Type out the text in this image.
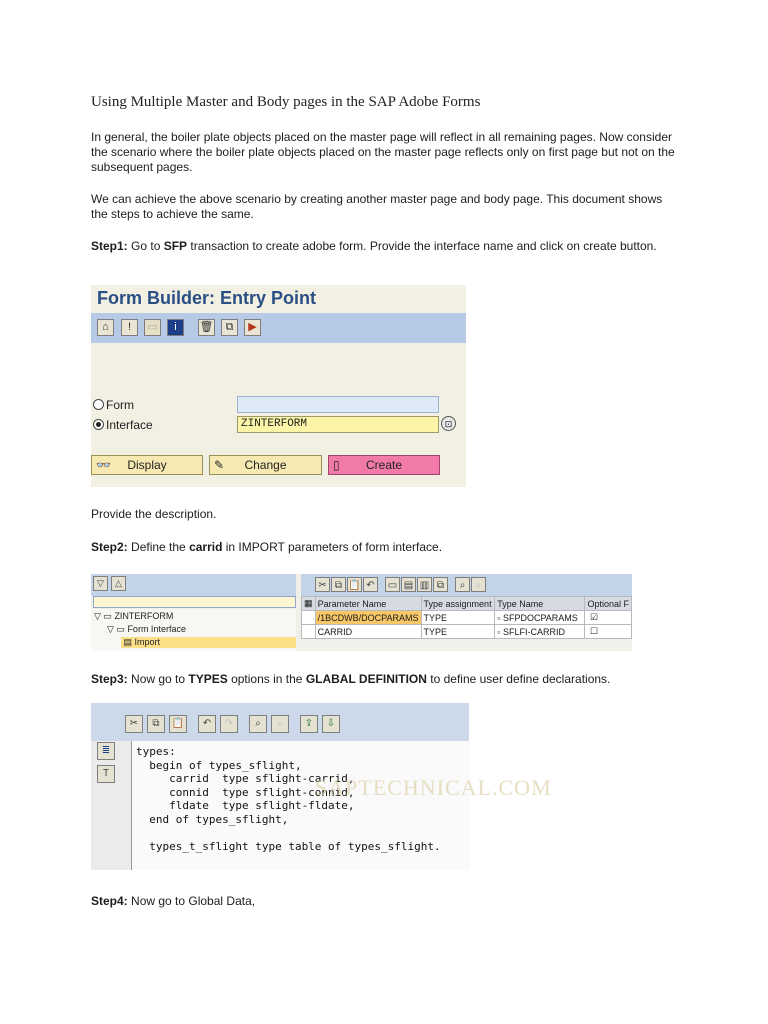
Using Multiple Master and Body pages in the SAP Adobe Forms
In general, the boiler plate objects placed on the master page will reflect in all remaining pages. Now consider the scenario where the boiler plate objects placed on the master page reflects only on first page but not on the subsequent pages.
We can achieve the above scenario by creating another master page and body page. This document shows the steps to achieve the same.
Step1: Go to SFP transaction to create adobe form. Provide the interface name and click on create button.
Form Builder: Entry Point
⌂	!	▭	i	🗑	⧉	▶
Form
Interface	ZINTERFORM	⊡
👓 Display	✎ Change	▯ Create
Provide the description.
Step2: Define the carrid in IMPORT parameters of form interface.
▽	△
▽ ▭ ZINTERFORM
▽ ▭ Form Interface
▤ Import
✂ ⧉ 📋 ↶	▭ ▤ ▥ ⧉	⌕	⌕
▦	Parameter Name	Type assignment	Type Name	Optional F
	/1BCDWB/DOCPARAMS	TYPE	▫ SFPDOCPARAMS	☑
	CARRID	TYPE	▫ SFLFI-CARRID	☐
Step3: Now go to TYPES options in the GLABAL DEFINITION to define user define declarations.
✂	⧉	📋	↶	↷	⌕	⌕	⇪	⇩
≣
T
types:
begin of types_sflight,
carrid  type sflight-carrid,
connid  type sflight-connid,
fldate  type sflight-fldate,
end of types_sflight,

types_t_sflight type table of types_sflight.
SAPTECHNICAL.COM
Step4: Now go to Global Data,
